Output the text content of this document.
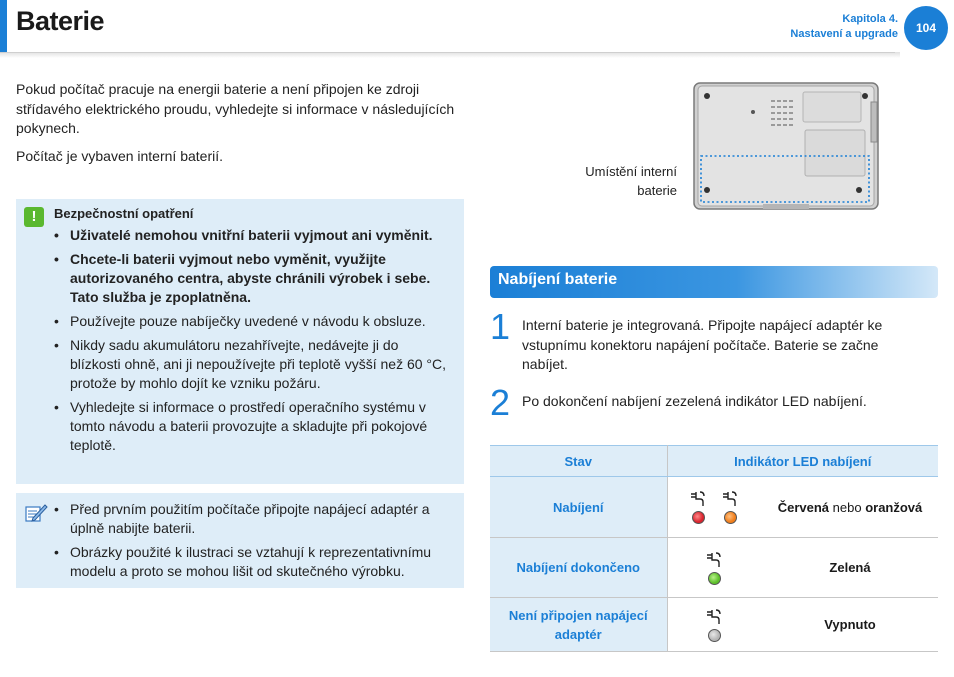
Baterie	Kapitola 4.
Nastavení a upgrade	104

Pokud počítač pracuje na energii baterie a není připojen ke zdroji střídavého elektrického proudu, vyhledejte si informace v následujících pokynech.

Počítač je vybaven interní baterií.

!	Bezpečnostní opatření
• Uživatelé nemohou vnitřní baterii vyjmout ani vyměnit.
• Chcete-li baterii vyjmout nebo vyměnit, využijte autorizovaného centra, abyste chránili výrobek i sebe. Tato služba je zpoplatněna.
• Používejte pouze nabíječky uvedené v návodu k obsluze.
• Nikdy sadu akumulátoru nezahřívejte, nedávejte ji do blízkosti ohně, ani ji nepoužívejte při teplotě vyšší než 60 °C, protože by mohlo dojít ke vzniku požáru.
• Vyhledejte si informace o prostředí operačního systému v tomto návodu a baterii provozujte a skladujte při pokojové teplotě.
• Před prvním použitím počítače připojte napájecí adaptér a úplně nabijte baterii.
• Obrázky použité k ilustraci se vztahují k reprezentativnímu modelu a proto se mohou lišit od skutečného výrobku.
Umístění interní
baterie
Nabíjení baterie
1 Interní baterie je integrovaná. Připojte napájecí adaptér ke vstupnímu konektoru napájení počítače. Baterie se začne nabíjet.
2 Po dokončení nabíjení zezelená indikátor LED nabíjení.
Stav	Indikátor LED nabíjení	
Nabíjení		Červená nebo oranžová
Nabíjení dokončeno		Zelená
Není připojen napájecí adaptér		Vypnuto
